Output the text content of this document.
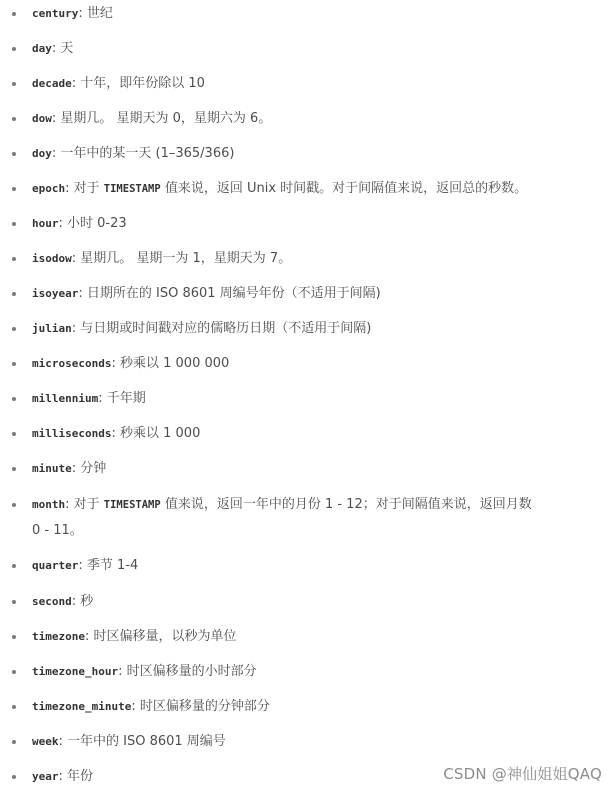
century: 世纪
day: 天
decade: 十年，即年份除以 10
dow: 星期几。 星期天为 0，星期六为 6。
doy: 一年中的某一天 (1–365/366)
epoch: 对于 TIMESTAMP 值来说，返回 Unix 时间戳。对于间隔值来说，返回总的秒数。
hour: 小时 0-23
isodow: 星期几。 星期一为 1，星期天为 7。
isoyear: 日期所在的 ISO 8601 周编号年份（不适用于间隔)
julian: 与日期或时间戳对应的儒略历日期（不适用于间隔)
microseconds: 秒乘以 1 000 000
millennium: 千年期
milliseconds: 秒乘以 1 000
minute: 分钟
month: 对于 TIMESTAMP 值来说，返回一年中的月份 1 - 12；对于间隔值来说，返回月数
0 - 11。
quarter: 季节 1-4
second: 秒
timezone: 时区偏移量，以秒为单位
timezone_hour: 时区偏移量的小时部分
timezone_minute: 时区偏移量的分钟部分
week: 一年中的 ISO 8601 周编号
year: 年份	CSDN @神仙姐姐QAQ
